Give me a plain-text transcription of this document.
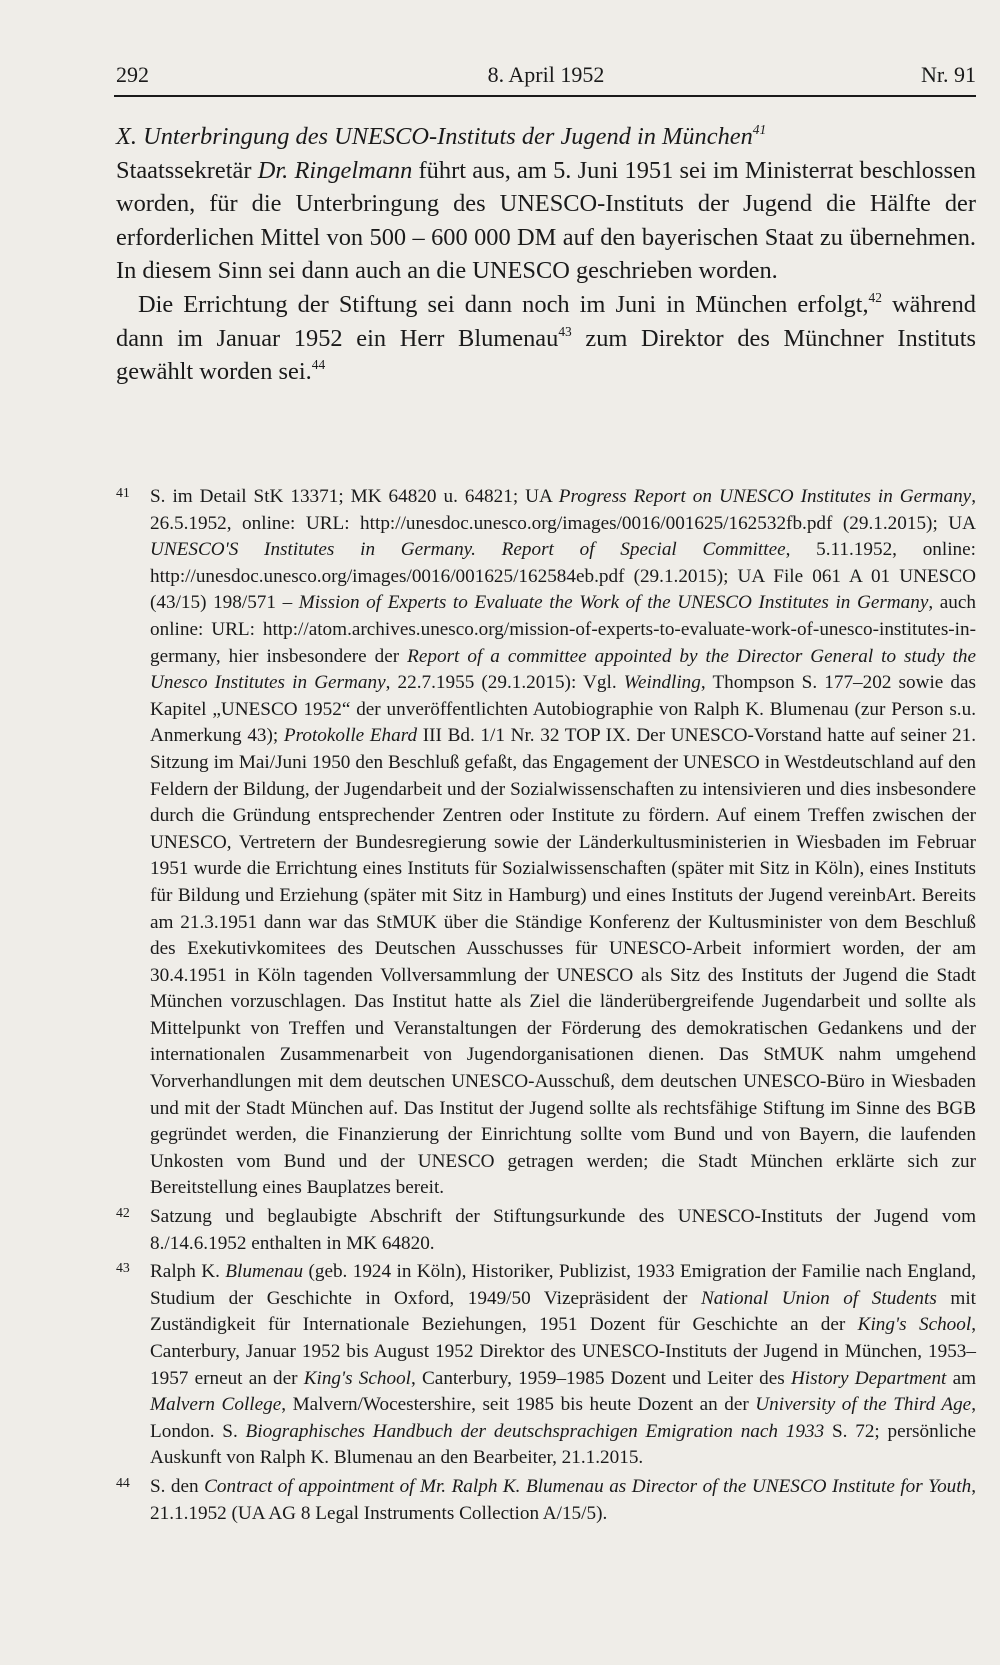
292	8. April 1952	Nr. 91

X. Unterbringung des UNESCO-Instituts der Jugend in München$^{41}$

Staatssekretär Dr. Ringelmann führt aus, am 5. Juni 1951 sei im Ministerrat beschlossen worden, für die Unterbringung des UNESCO-Instituts der Jugend die Hälfte der erforderlichen Mittel von 500 – 600 000 DM auf den bayerischen Staat zu übernehmen. In diesem Sinn sei dann auch an die UNESCO geschrieben worden.

Die Errichtung der Stiftung sei dann noch im Juni in München erfolgt,$^{42}$ während dann im Januar 1952 ein Herr Blumenau$^{43}$ zum Direktor des Münchner Instituts gewählt worden sei.$^{44}$

41 S. im Detail StK 13371; MK 64820 u. 64821; UA Progress Report on UNESCO Institutes in Germany, 26.5.1952, online: URL: http://unesdoc.unesco.org/images/0016/001625/162532fb.pdf (29.1.2015); UA UNESCO'S Institutes in Germany. Report of Special Committee, 5.11.1952, online: http://unesdoc.unesco.org/images/0016/001625/162584eb.pdf (29.1.2015); UA File 061 A 01 UNESCO (43/15) 198/571 – Mission of Experts to Evaluate the Work of the UNESCO Institutes in Germany, auch online: URL: http://atom.archives.unesco.org/mission-of-experts-to-evaluate-work-of-unesco-institutes-in-germany, hier insbesondere der Report of a committee appointed by the Director General to study the Unesco Institutes in Germany, 22.7.1955 (29.1.2015): Vgl. Weindling, Thompson S. 177–202 sowie das Kapitel „UNESCO 1952“ der unveröffentlichten Autobiographie von Ralph K. Blumenau (zur Person s.u. Anmerkung 43); Protokolle Ehard III Bd. 1/1 Nr. 32 TOP IX. Der UNESCO-Vorstand hatte auf seiner 21. Sitzung im Mai/Juni 1950 den Beschluß gefaßt, das Engagement der UNESCO in Westdeutschland auf den Feldern der Bildung, der Jugendarbeit und der Sozialwissenschaften zu intensivieren und dies insbesondere durch die Gründung entsprechender Zentren oder Institute zu fördern. Auf einem Treffen zwischen der UNESCO, Vertretern der Bundesregierung sowie der Länderkultusministerien in Wiesbaden im Februar 1951 wurde die Errichtung eines Instituts für Sozialwissenschaften (später mit Sitz in Köln), eines Instituts für Bildung und Erziehung (später mit Sitz in Hamburg) und eines Instituts der Jugend vereinbArt. Bereits am 21.3.1951 dann war das StMUK über die Ständige Konferenz der Kultusminister von dem Beschluß des Exekutivkomitees des Deutschen Ausschusses für UNESCO-Arbeit informiert worden, der am 30.4.1951 in Köln tagenden Vollversammlung der UNESCO als Sitz des Instituts der Jugend die Stadt München vorzuschlagen. Das Institut hatte als Ziel die länderübergreifende Jugendarbeit und sollte als Mittelpunkt von Treffen und Veranstaltungen der Förderung des demokratischen Gedankens und der internationalen Zusammenarbeit von Jugendorganisationen dienen. Das StMUK nahm umgehend Vorverhandlungen mit dem deutschen UNESCO-Ausschuß, dem deutschen UNESCO-Büro in Wiesbaden und mit der Stadt München auf. Das Institut der Jugend sollte als rechtsfähige Stiftung im Sinne des BGB gegründet werden, die Finanzierung der Einrichtung sollte vom Bund und von Bayern, die laufenden Unkosten vom Bund und der UNESCO getragen werden; die Stadt München erklärte sich zur Bereitstellung eines Bauplatzes bereit.
42 Satzung und beglaubigte Abschrift der Stiftungsurkunde des UNESCO-Instituts der Jugend vom 8./14.6.1952 enthalten in MK 64820.
43 Ralph K. Blumenau (geb. 1924 in Köln), Historiker, Publizist, 1933 Emigration der Familie nach England, Studium der Geschichte in Oxford, 1949/50 Vizepräsident der National Union of Students mit Zuständigkeit für Internationale Beziehungen, 1951 Dozent für Geschichte an der King's School, Canterbury, Januar 1952 bis August 1952 Direktor des UNESCO-Instituts der Jugend in München, 1953–1957 erneut an der King's School, Canterbury, 1959–1985 Dozent und Leiter des History Department am Malvern College, Malvern/Wocestershire, seit 1985 bis heute Dozent an der University of the Third Age, London. S. Biographisches Handbuch der deutschsprachigen Emigration nach 1933 S. 72; persönliche Auskunft von Ralph K. Blumenau an den Bearbeiter, 21.1.2015.
44 S. den Contract of appointment of Mr. Ralph K. Blumenau as Director of the UNESCO Institute for Youth, 21.1.1952 (UA AG 8 Legal Instruments Collection A/15/5).
